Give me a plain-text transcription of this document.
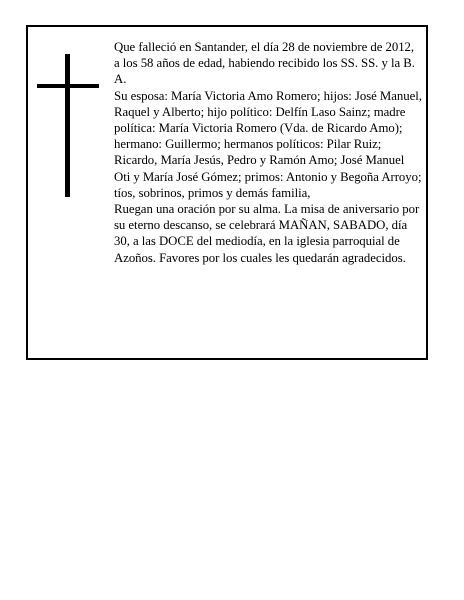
Que falleció en Santander, el día 28 de noviembre de 2012, a los 58 años de edad, habiendo recibido los SS. SS. y la B. A.

Su esposa: María Victoria Amo Romero; hijos: José Manuel, Raquel y Alberto; hijo político: Delfín Laso Sainz; madre política: María Victoria Romero (Vda. de Ricardo Amo); hermano: Guillermo; hermanos políticos: Pilar Ruiz; Ricardo, María Jesús, Pedro y Ramón Amo; José Manuel Oti y María José Gómez; primos: Antonio y Begoña Arroyo; tíos, sobrinos, primos y demás familia,

Ruegan una oración por su alma. La misa de aniversario por su eterno descanso, se celebrará MAÑAN, SABADO, día 30, a las DOCE del mediodía, en la iglesia parroquial de Azoños. Favores por los cuales les quedarán agradecidos.
